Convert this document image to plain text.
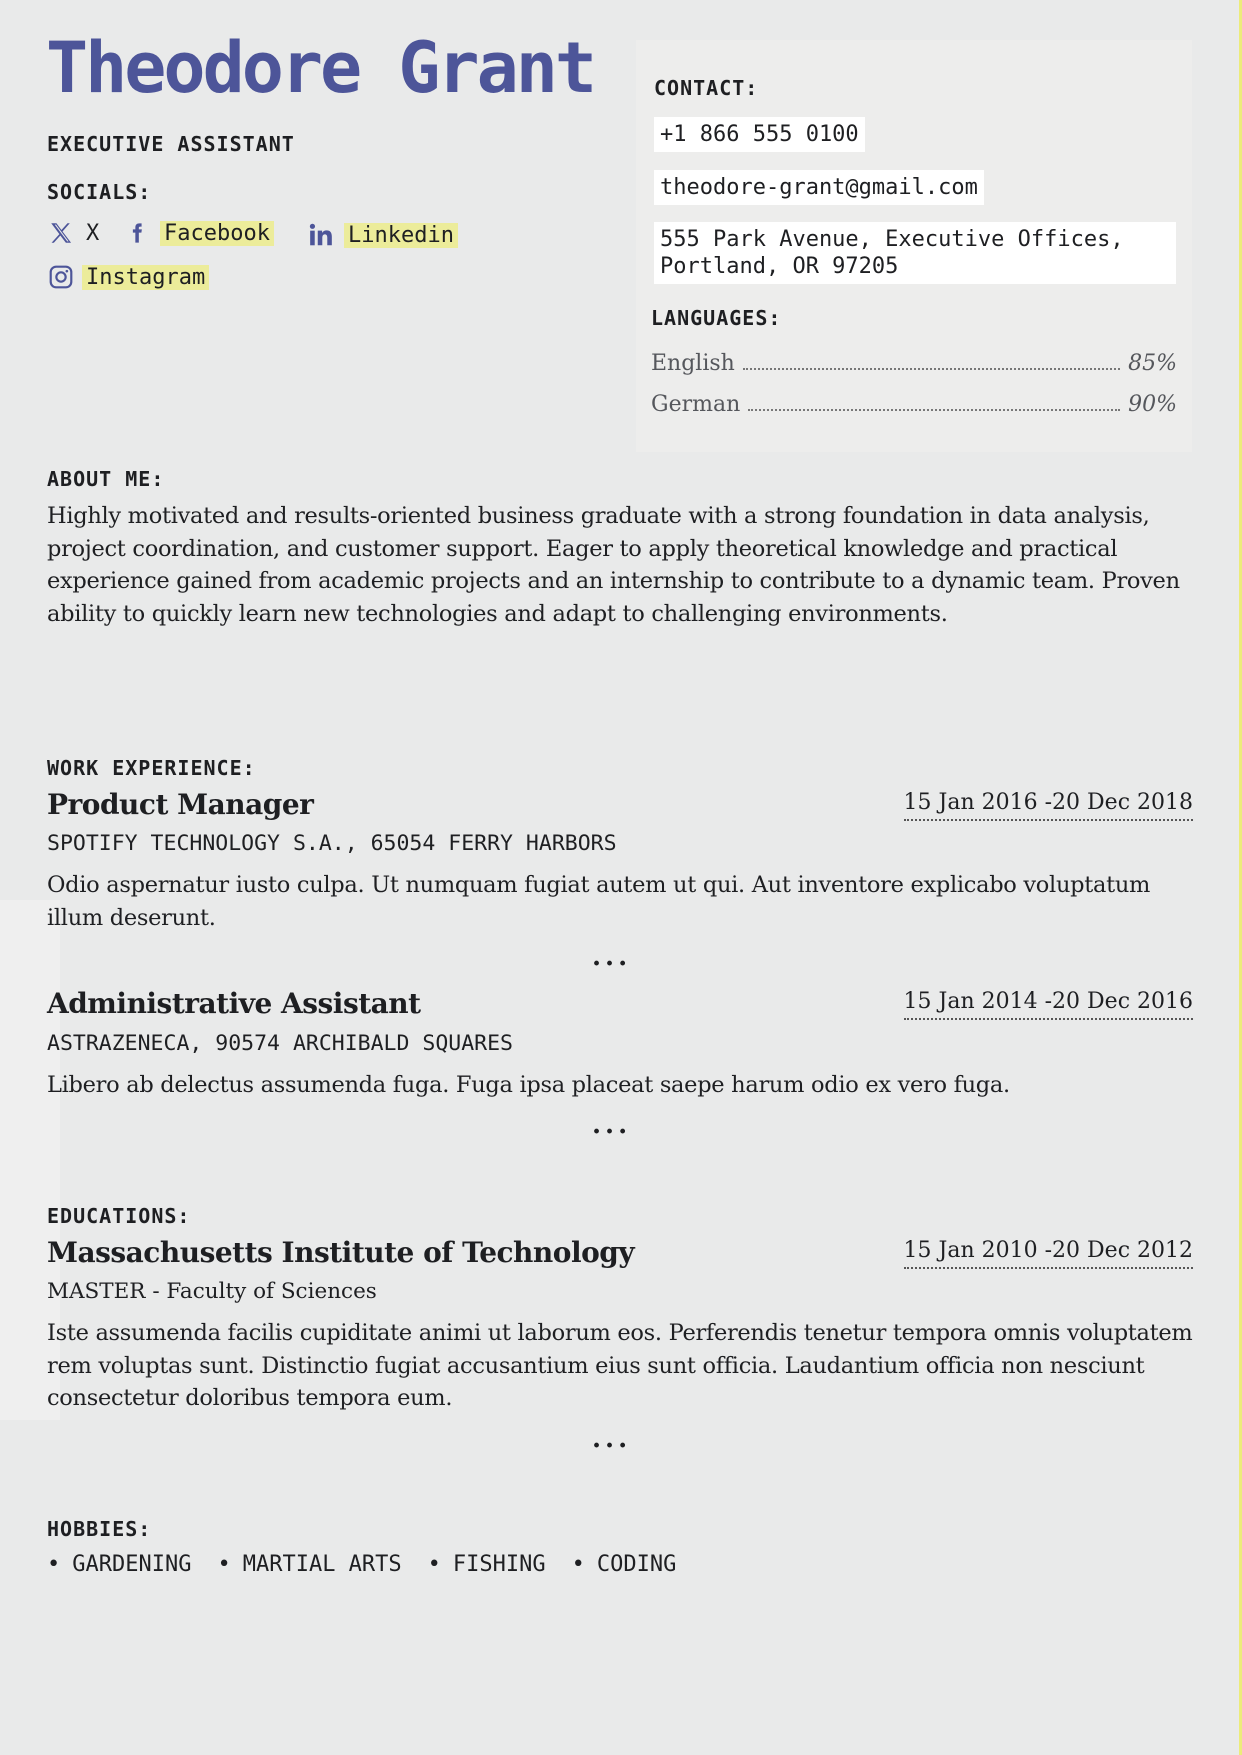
Theodore Grant
EXECUTIVE ASSISTANT
SOCIALS:
X	Facebook	Linkedin
Instagram
CONTACT:
+1 866 555 0100
theodore-grant@gmail.com
555 Park Avenue, Executive Offices,
Portland, OR 97205
LANGUAGES:
English	85%
German	90%
ABOUT ME:

Highly motivated and results-oriented business graduate with a strong foundation in data analysis, project coordination, and customer support. Eager to apply theoretical knowledge and practical experience gained from academic projects and an internship to contribute to a dynamic team. Proven ability to quickly learn new technologies and adapt to challenging environments.

WORK EXPERIENCE:
Product Manager	15 Jan 2016 -20 Dec 2018

SPOTIFY TECHNOLOGY S.A., 65054 FERRY HARBORS

Odio aspernatur iusto culpa. Ut numquam fugiat autem ut qui. Aut inventore explicabo voluptatum illum deserunt.

...
Administrative Assistant	15 Jan 2014 -20 Dec 2016

ASTRAZENECA, 90574 ARCHIBALD SQUARES

Libero ab delectus assumenda fuga. Fuga ipsa placeat saepe harum odio ex vero fuga.

...
EDUCATIONS:
Massachusetts Institute of Technology	15 Jan 2010 -20 Dec 2012

MASTER - Faculty of Sciences

Iste assumenda facilis cupiditate animi ut laborum eos. Perferendis tenetur tempora omnis voluptatem rem voluptas sunt. Distinctio fugiat accusantium eius sunt officia. Laudantium officia non nesciunt consectetur doloribus tempora eum.

...
HOBBIES:
• GARDENING	• MARTIAL ARTS	• FISHING	• CODING
